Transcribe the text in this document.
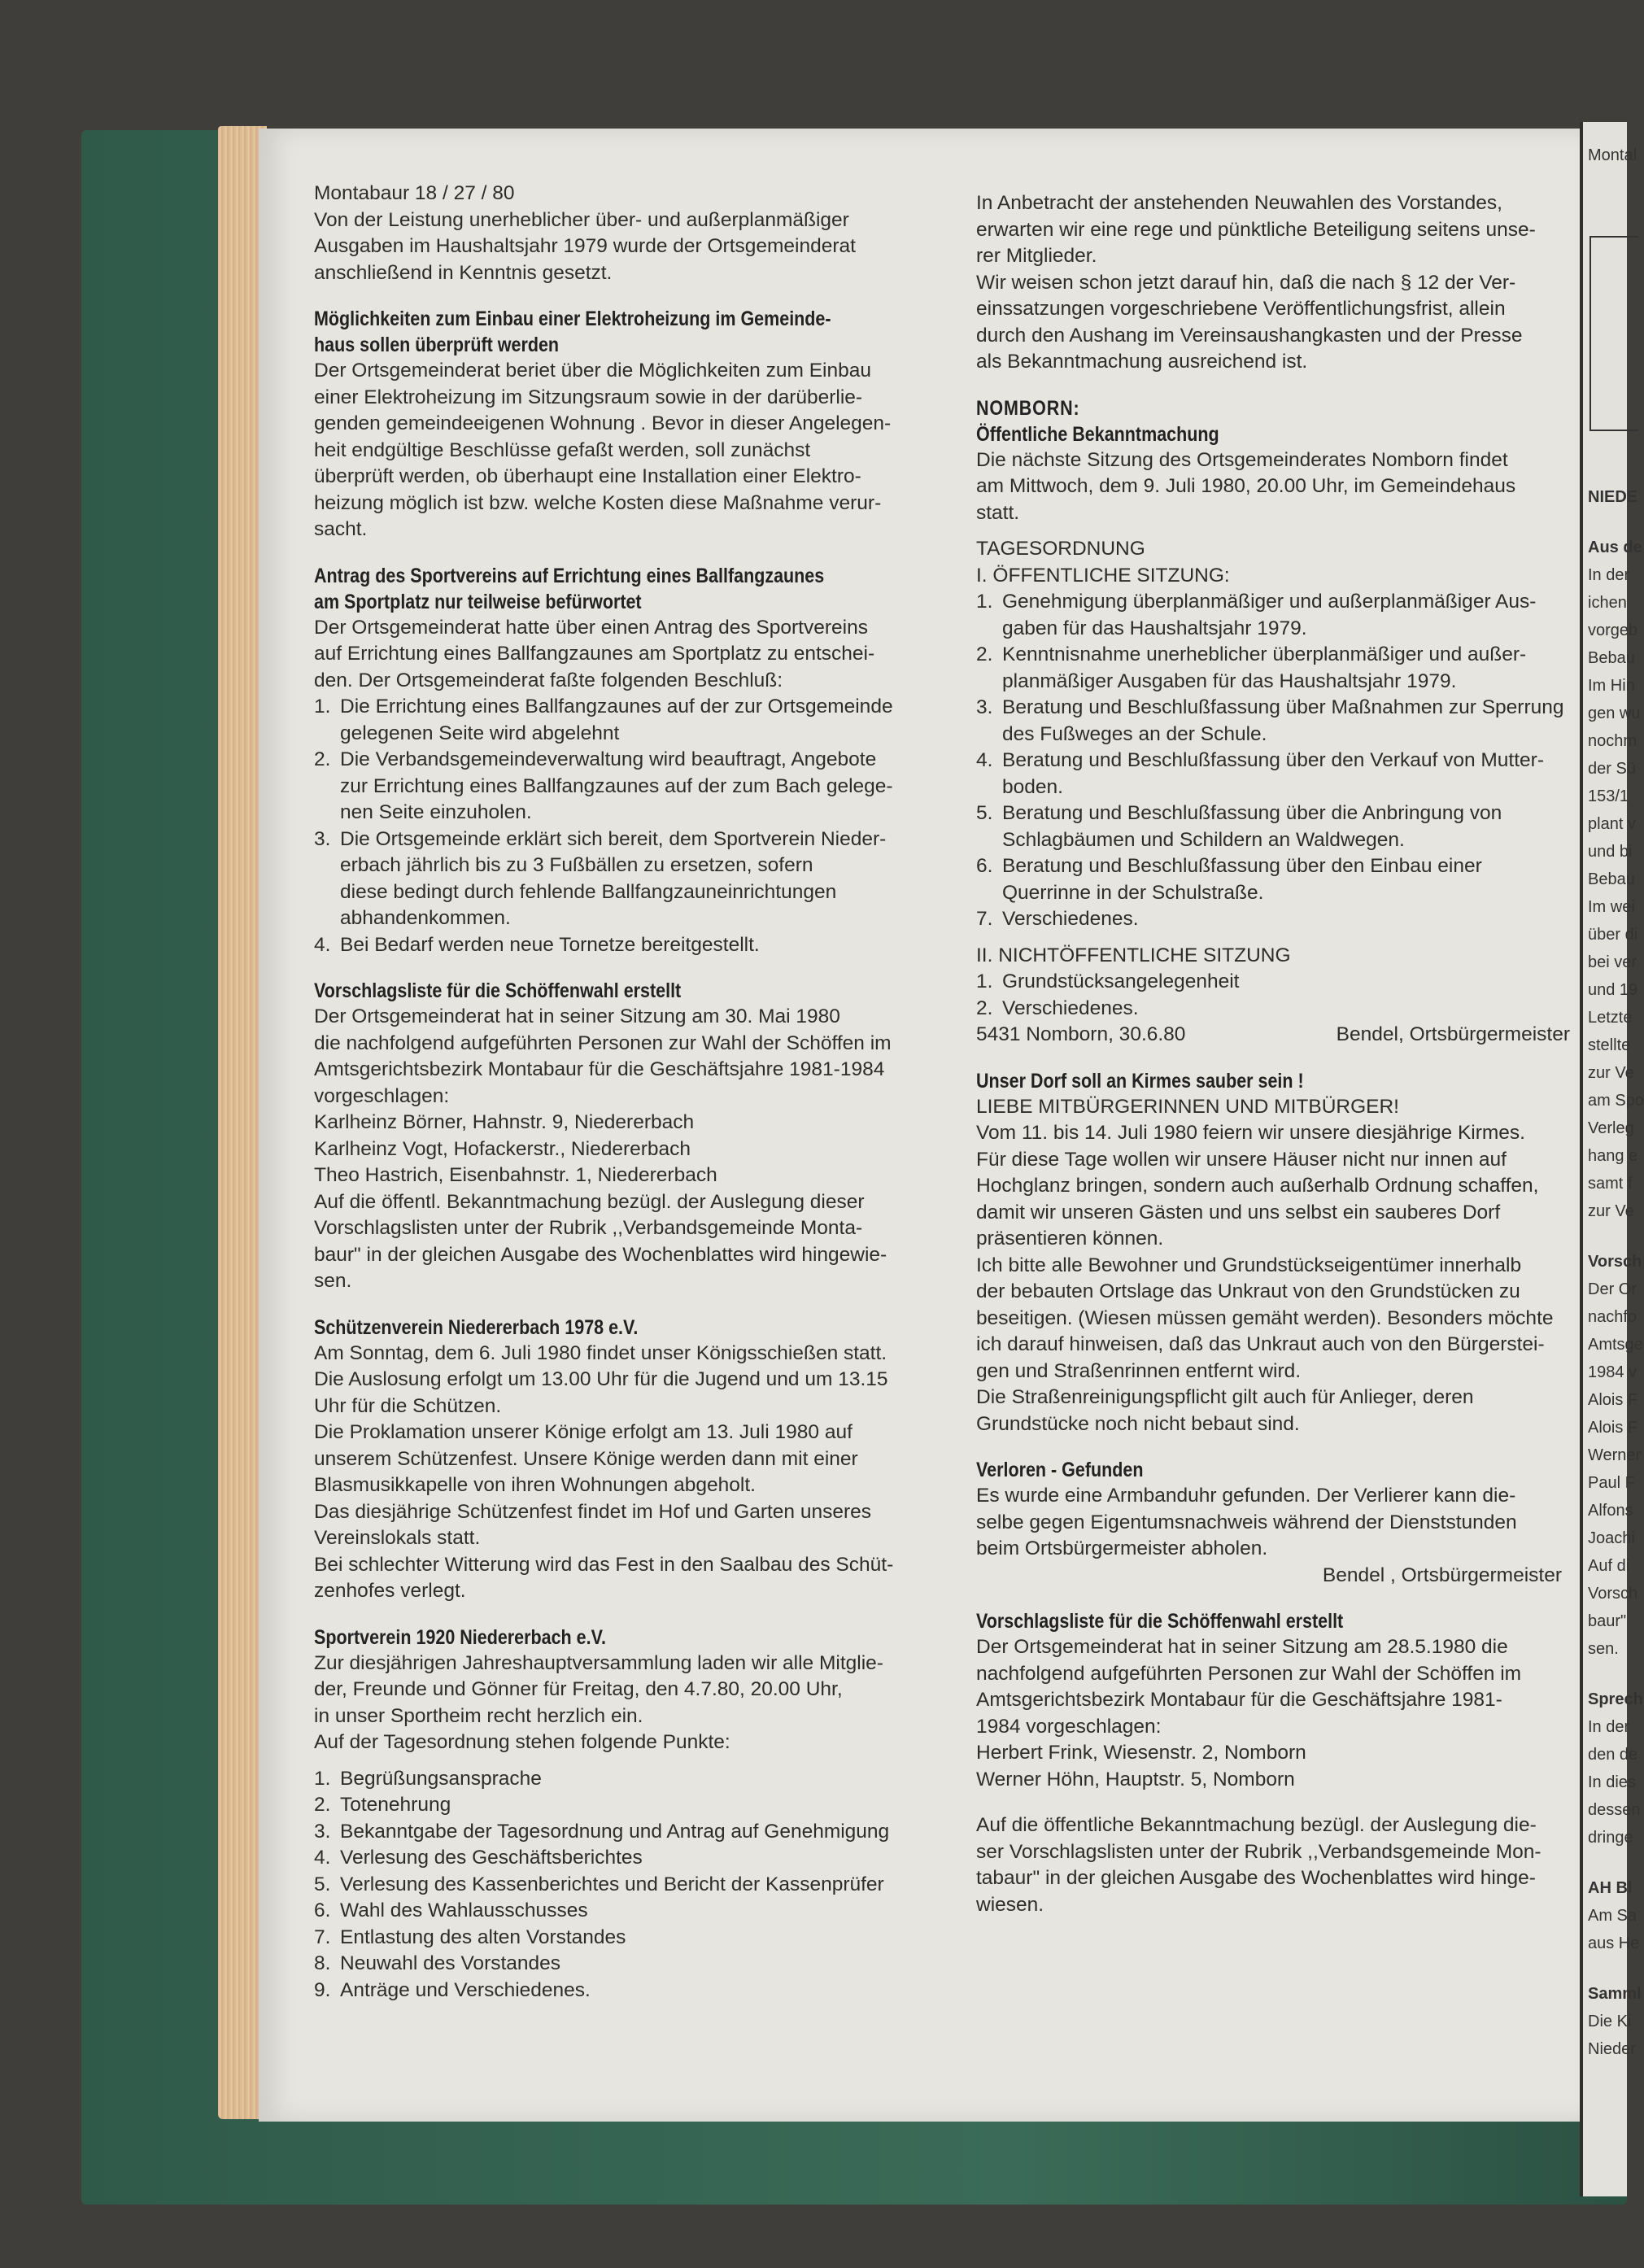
Montal
NIEDE
Aus de
In der
ichen
vorgeb
Bebau
Im Hin
gen wu
nochm
der Sü
153/1
plant v
und bi
Bebau
Im wei
über di
bei ver
und 19
Letzte
stellte
zur Ve
am Spo
Verleg
hang e
samt f
zur Ve
Vorsch
Der Or
nachfo
Amtsge
1984 v
Alois F
Alois F
Werner
Paul F
Alfons
Joachi
Auf di
Vorsch
baur"
sen.
Sprech
In der
den de
In dies
dessen
dringe
AH Bl
Am Sa
aus He
Samml
Die Ki
Nieder
Montabaur 18 / 27 / 80
Von der Leistung unerheblicher über- und außerplanmäßiger
Ausgaben im Haushaltsjahr 1979 wurde der Ortsgemeinderat
anschließend in Kenntnis gesetzt.
Möglichkeiten zum Einbau einer Elektroheizung im Gemeinde-
haus sollen überprüft werden
Der Ortsgemeinderat beriet über die Möglichkeiten zum Einbau
einer Elektroheizung im Sitzungsraum sowie in der darüberlie-
genden gemeindeeigenen Wohnung . Bevor in dieser Angelegen-
heit endgültige Beschlüsse gefaßt werden, soll zunächst
überprüft werden, ob überhaupt eine Installation einer Elektro-
heizung möglich ist bzw. welche Kosten diese Maßnahme verur-
sacht.
Antrag des Sportvereins auf Errichtung eines Ballfangzaunes
am Sportplatz nur teilweise befürwortet
Der Ortsgemeinderat hatte über einen Antrag des Sportvereins
auf Errichtung eines Ballfangzaunes am Sportplatz zu entschei-
den. Der Ortsgemeinderat faßte folgenden Beschluß:
1. Die Errichtung eines Ballfangzaunes auf der zur Ortsgemeinde
gelegenen Seite wird abgelehnt
2. Die Verbandsgemeindeverwaltung wird beauftragt, Angebote
zur Errichtung eines Ballfangzaunes auf der zum Bach gelege-
nen Seite einzuholen.
3. Die Ortsgemeinde erklärt sich bereit, dem Sportverein Nieder-
erbach jährlich bis zu 3 Fußbällen zu ersetzen, sofern
diese bedingt durch fehlende Ballfangzauneinrichtungen
abhandenkommen.
4. Bei Bedarf werden neue Tornetze bereitgestellt.
Vorschlagsliste für die Schöffenwahl erstellt
Der Ortsgemeinderat hat in seiner Sitzung am 30. Mai 1980
die nachfolgend aufgeführten Personen zur Wahl der Schöffen im
Amtsgerichtsbezirk Montabaur für die Geschäftsjahre 1981-1984
vorgeschlagen:
Karlheinz Börner, Hahnstr. 9, Niedererbach
Karlheinz Vogt, Hofackerstr., Niedererbach
Theo Hastrich, Eisenbahnstr. 1, Niedererbach
Auf die öffentl. Bekanntmachung bezügl. der Auslegung dieser
Vorschlagslisten unter der Rubrik ,,Verbandsgemeinde Monta-
baur" in der gleichen Ausgabe des Wochenblattes wird hingewie-
sen.
Schützenverein Niedererbach 1978 e.V.
Am Sonntag, dem 6. Juli 1980 findet unser Königsschießen statt.
Die Auslosung erfolgt um 13.00 Uhr für die Jugend und um 13.15
Uhr für die Schützen.
Die Proklamation unserer Könige erfolgt am 13. Juli 1980 auf
unserem Schützenfest. Unsere Könige werden dann mit einer
Blasmusikkapelle von ihren Wohnungen abgeholt.
Das diesjährige Schützenfest findet im Hof und Garten unseres
Vereinslokals statt.
Bei schlechter Witterung wird das Fest in den Saalbau des Schüt-
zenhofes verlegt.
Sportverein 1920 Niedererbach e.V.
Zur diesjährigen Jahreshauptversammlung laden wir alle Mitglie-
der, Freunde und Gönner für Freitag, den 4.7.80, 20.00 Uhr,
in unser Sportheim recht herzlich ein.
Auf der Tagesordnung stehen folgende Punkte:
1. Begrüßungsansprache
2. Totenehrung
3. Bekanntgabe der Tagesordnung und Antrag auf Genehmigung
4. Verlesung des Geschäftsberichtes
5. Verlesung des Kassenberichtes und Bericht der Kassenprüfer
6. Wahl des Wahlausschusses
7. Entlastung des alten Vorstandes
8. Neuwahl des Vorstandes
9. Anträge und Verschiedenes.
In Anbetracht der anstehenden Neuwahlen des Vorstandes,
erwarten wir eine rege und pünktliche Beteiligung seitens unse-
rer Mitglieder.
Wir weisen schon jetzt darauf hin, daß die nach § 12 der Ver-
einssatzungen vorgeschriebene Veröffentlichungsfrist, allein
durch den Aushang im Vereinsaushangkasten und der Presse
als Bekanntmachung ausreichend ist.
NOMBORN:
Öffentliche Bekanntmachung
Die nächste Sitzung des Ortsgemeinderates Nomborn findet
am Mittwoch, dem 9. Juli 1980, 20.00 Uhr, im Gemeindehaus
statt.
TAGESORDNUNG
I. ÖFFENTLICHE SITZUNG:
1. Genehmigung überplanmäßiger und außerplanmäßiger Aus-
gaben für das Haushaltsjahr 1979.
2. Kenntnisnahme unerheblicher überplanmäßiger und außer-
planmäßiger Ausgaben für das Haushaltsjahr 1979.
3. Beratung und Beschlußfassung über Maßnahmen zur Sperrung
des Fußweges an der Schule.
4. Beratung und Beschlußfassung über den Verkauf von Mutter-
boden.
5. Beratung und Beschlußfassung über die Anbringung von
Schlagbäumen und Schildern an Waldwegen.
6. Beratung und Beschlußfassung über den Einbau einer
Querrinne in der Schulstraße.
7. Verschiedenes.
II. NICHTÖFFENTLICHE SITZUNG
1. Grundstücksangelegenheit
2. Verschiedenes.
5431 Nomborn, 30.6.80	Bendel, Ortsbürgermeister
Unser Dorf soll an Kirmes sauber sein !
LIEBE MITBÜRGERINNEN UND MITBÜRGER!
Vom 11. bis 14. Juli 1980 feiern wir unsere diesjährige Kirmes.
Für diese Tage wollen wir unsere Häuser nicht nur innen auf
Hochglanz bringen, sondern auch außerhalb Ordnung schaffen,
damit wir unseren Gästen und uns selbst ein sauberes Dorf
präsentieren können.
Ich bitte alle Bewohner und Grundstückseigentümer innerhalb
der bebauten Ortslage das Unkraut von den Grundstücken zu
beseitigen. (Wiesen müssen gemäht werden). Besonders möchte
ich darauf hinweisen, daß das Unkraut auch von den Bürgerstei-
gen und Straßenrinnen entfernt wird.
Die Straßenreinigungspflicht gilt auch für Anlieger, deren
Grundstücke noch nicht bebaut sind.
Verloren - Gefunden
Es wurde eine Armbanduhr gefunden. Der Verlierer kann die-
selbe gegen Eigentumsnachweis während der Dienststunden
beim Ortsbürgermeister abholen.
Bendel , Ortsbürgermeister
Vorschlagsliste für die Schöffenwahl erstellt
Der Ortsgemeinderat hat in seiner Sitzung am 28.5.1980 die
nachfolgend aufgeführten Personen zur Wahl der Schöffen im
Amtsgerichtsbezirk Montabaur für die Geschäftsjahre 1981-
1984 vorgeschlagen:
Herbert Frink, Wiesenstr. 2, Nomborn
Werner Höhn, Hauptstr. 5, Nomborn
Auf die öffentliche Bekanntmachung bezügl. der Auslegung die-
ser Vorschlagslisten unter der Rubrik ,,Verbandsgemeinde Mon-
tabaur" in der gleichen Ausgabe des Wochenblattes wird hinge-
wiesen.
